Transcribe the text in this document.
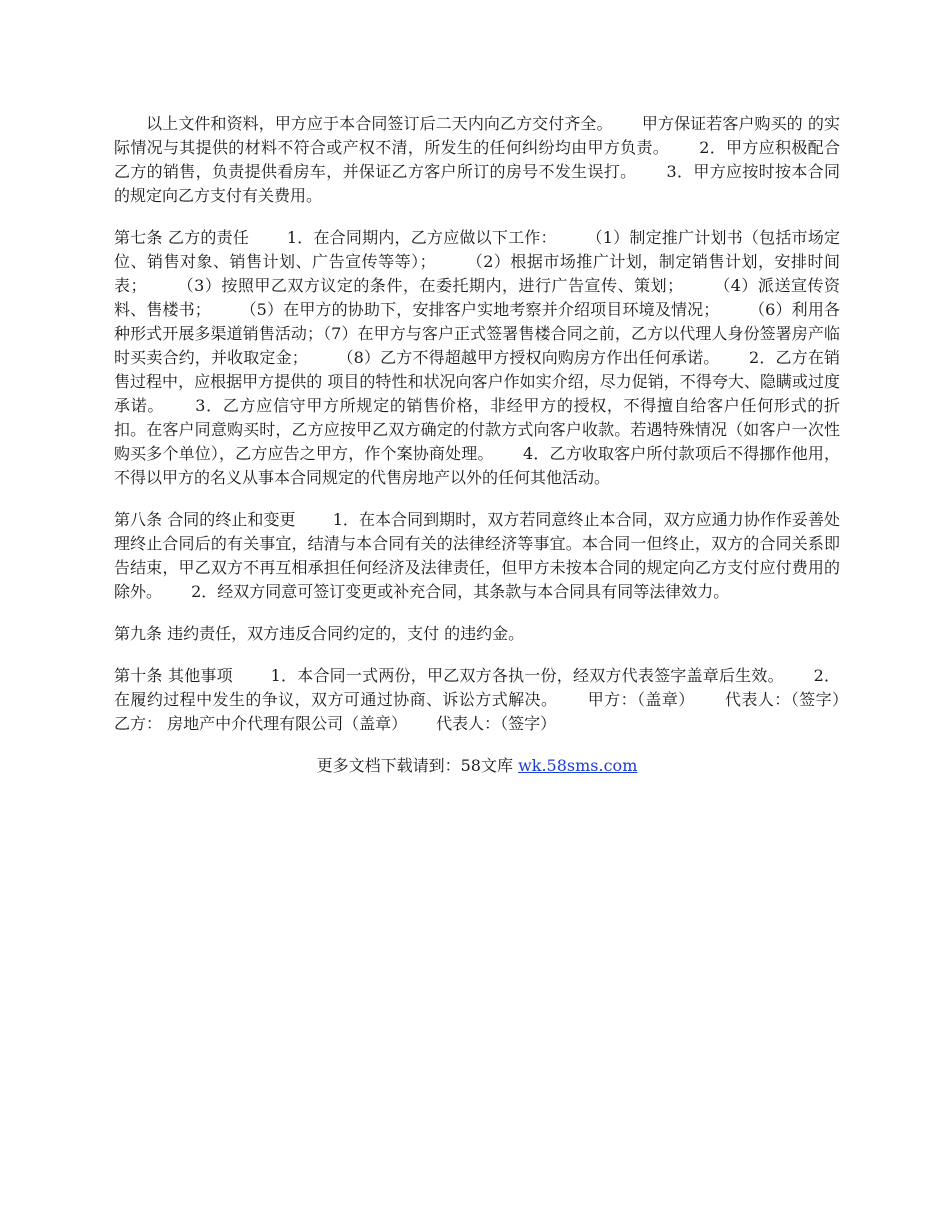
　　以上文件和资料，甲方应于本合同签订后二天内向乙方交付齐全。　　 甲方保证若客户购买的 的实际情况与其提供的材料不符合或产权不清，所发生的任何纠纷均由甲方负责。　　 2．甲方应积极配合乙方的销售，负责提供看房车，并保证乙方客户所订的房号不发生误打。　　 3．甲方应按时按本合同的规定向乙方支付有关费用。

第七条 乙方的责任　　 1．在合同期内，乙方应做以下工作：　　 （1）制定推广计划书（包括市场定位、销售对象、销售计划、广告宣传等等）；　　 （2）根据市场推广计划，制定销售计划，安排时间表；　　 （3）按照甲乙双方议定的条件，在委托期内，进行广告宣传、策划；　　 （4）派送宣传资料、售楼书；　　 （5）在甲方的协助下，安排客户实地考察并介绍项目环境及情况；　　 （6）利用各种形式开展多渠道销售活动；（7）在甲方与客户正式签署售楼合同之前，乙方以代理人身份签署房产临时买卖合约，并收取定金；　　 （8）乙方不得超越甲方授权向购房方作出任何承诺。　　 2．乙方在销售过程中，应根据甲方提供的 项目的特性和状况向客户作如实介绍，尽力促销，不得夸大、隐瞒或过度承诺。　　 3．乙方应信守甲方所规定的销售价格，非经甲方的授权，不得擅自给客户任何形式的折扣。在客户同意购买时，乙方应按甲乙双方确定的付款方式向客户收款。若遇特殊情况（如客户一次性购买多个单位），乙方应告之甲方，作个案协商处理。　　 4．乙方收取客户所付款项后不得挪作他用，不得以甲方的名义从事本合同规定的代售房地产以外的任何其他活动。

第八条 合同的终止和变更　　 1．在本合同到期时，双方若同意终止本合同，双方应通力协作作妥善处理终止合同后的有关事宜，结清与本合同有关的法律经济等事宜。本合同一但终止，双方的合同关系即告结束，甲乙双方不再互相承担任何经济及法律责任，但甲方未按本合同的规定向乙方支付应付费用的除外。　　 2．经双方同意可签订变更或补充合同，其条款与本合同具有同等法律效力。

第九条 违约责任，双方违反合同约定的，支付 的违约金。

第十条 其他事项　　 1．本合同一式两份，甲乙双方各执一份，经双方代表签字盖章后生效。　　 2．在履约过程中发生的争议，双方可通过协商、诉讼方式解决。　　 甲方：（盖章）　　 代表人：（签字）　　 乙方： 房地产中介代理有限公司（盖章）　　 代表人：（签字）

更多文档下载请到：58文库 wk.58sms.com
